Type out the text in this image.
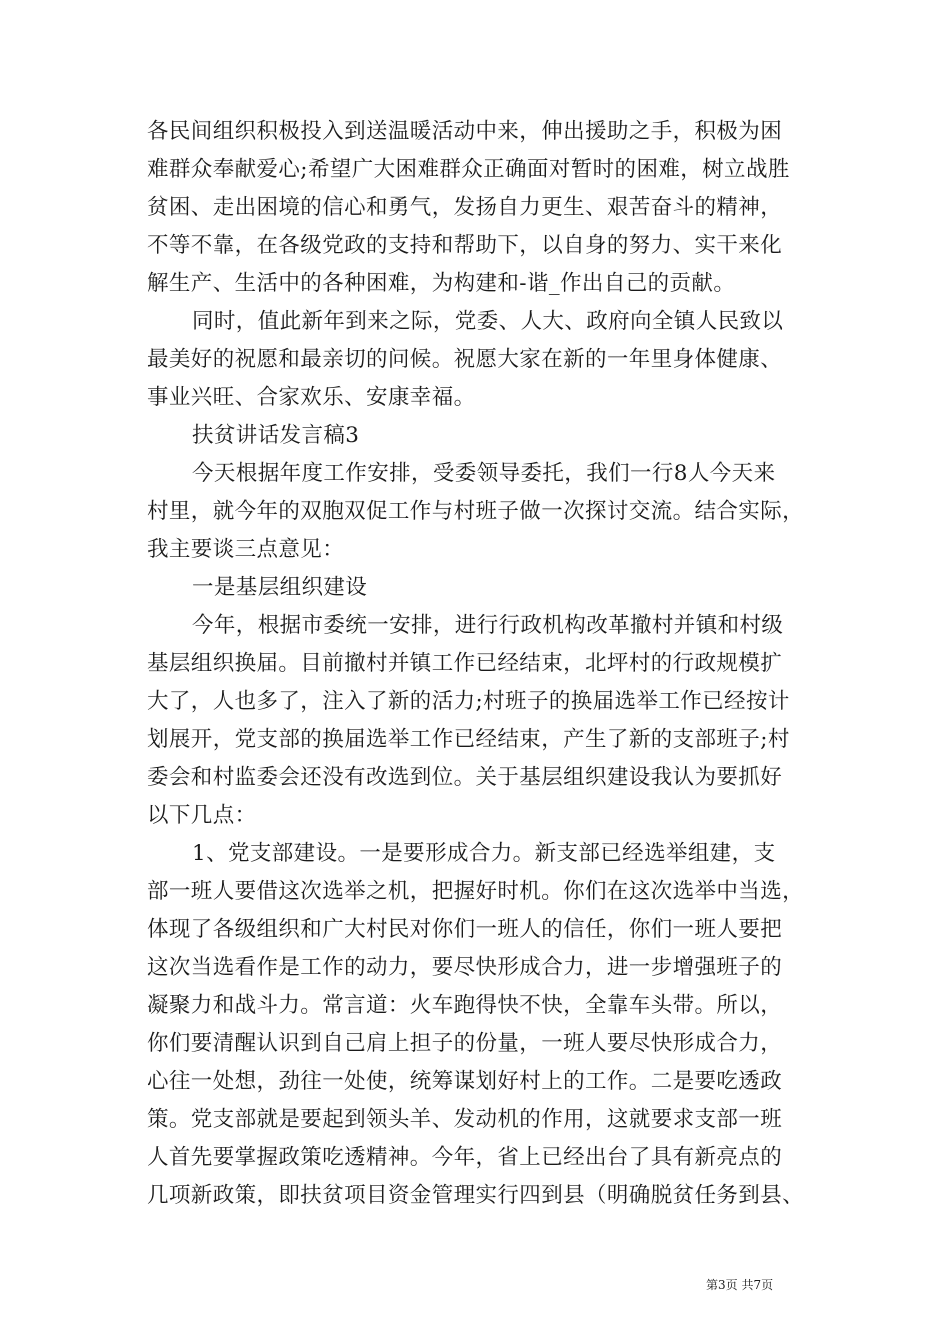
各民间组织积极投入到送温暖活动中来，伸出援助之手，积极为困
难群众奉献爱心;希望广大困难群众正确面对暂时的困难，树立战胜
贫困、走出困境的信心和勇气，发扬自力更生、艰苦奋斗的精神，
不等不靠，在各级党政的支持和帮助下，以自身的努力、实干来化
解生产、生活中的各种困难，为构建和-谐_作出自己的贡献。
同时，值此新年到来之际，党委、人大、政府向全镇人民致以
最美好的祝愿和最亲切的问候。祝愿大家在新的一年里身体健康、
事业兴旺、合家欢乐、安康幸福。
扶贫讲话发言稿3
今天根据年度工作安排，受委领导委托，我们一行8人今天来
村里，就今年的双胞双促工作与村班子做一次探讨交流。结合实际，
我主要谈三点意见：
一是基层组织建设
今年，根据市委统一安排，进行行政机构改革撤村并镇和村级
基层组织换届。目前撤村并镇工作已经结束，北坪村的行政规模扩
大了，人也多了，注入了新的活力;村班子的换届选举工作已经按计
划展开，党支部的换届选举工作已经结束，产生了新的支部班子;村
委会和村监委会还没有改选到位。关于基层组织建设我认为要抓好
以下几点：
1、党支部建设。一是要形成合力。新支部已经选举组建，支
部一班人要借这次选举之机，把握好时机。你们在这次选举中当选，
体现了各级组织和广大村民对你们一班人的信任，你们一班人要把
这次当选看作是工作的动力，要尽快形成合力，进一步增强班子的
凝聚力和战斗力。常言道：火车跑得快不快，全靠车头带。所以，
你们要清醒认识到自己肩上担子的份量，一班人要尽快形成合力，
心往一处想，劲往一处使，统筹谋划好村上的工作。二是要吃透政
策。党支部就是要起到领头羊、发动机的作用，这就要求支部一班
人首先要掌握政策吃透精神。今年，省上已经出台了具有新亮点的
几项新政策，即扶贫项目资金管理实行四到县（明确脱贫任务到县、
第3页 共7页
